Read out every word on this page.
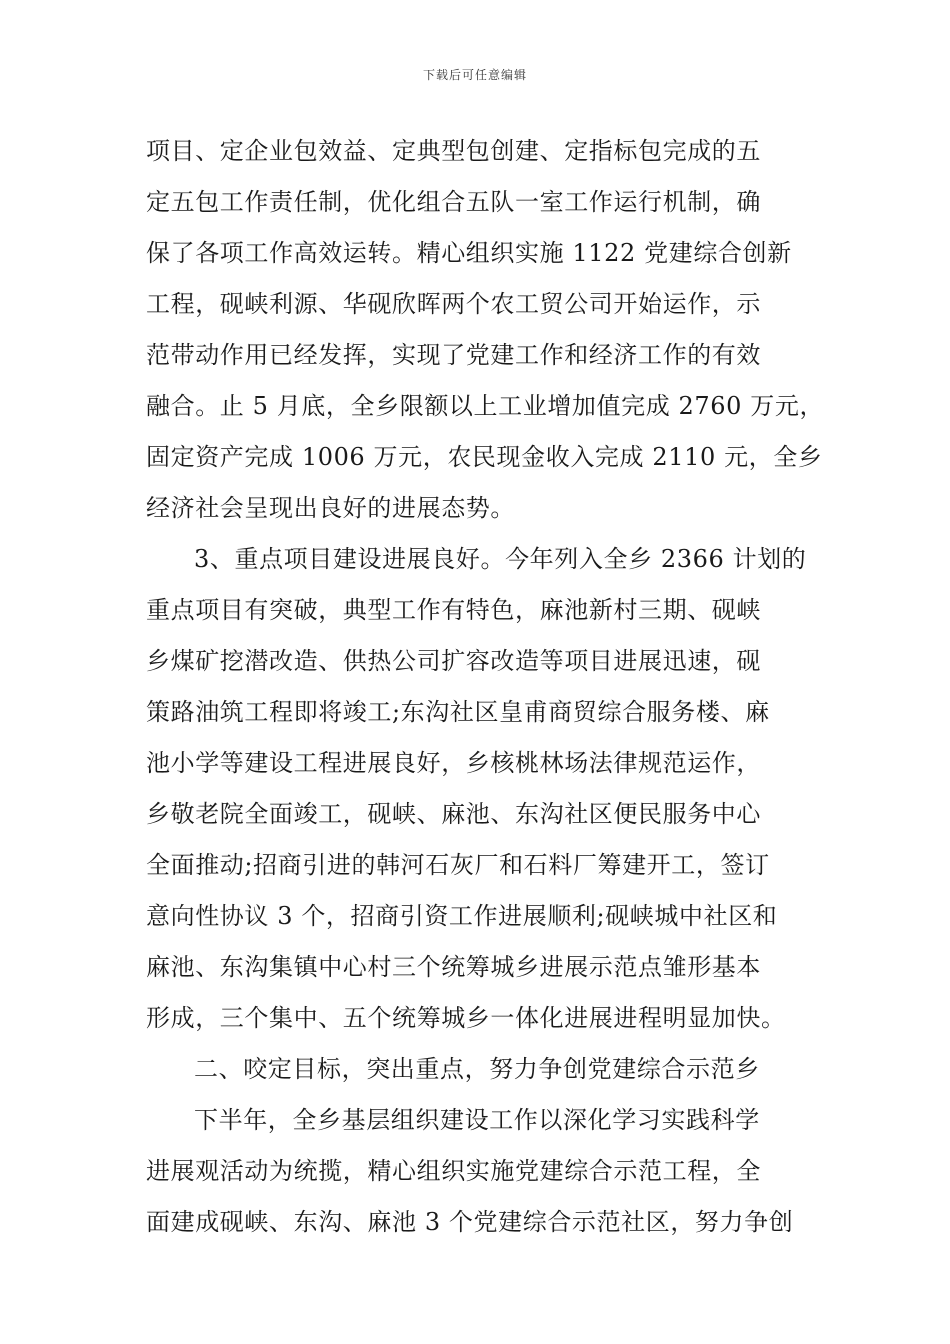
下载后可任意编辑
项目、定企业包效益、定典型包创建、定指标包完成的五
定五包工作责任制，优化组合五队一室工作运行机制，确
保了各项工作高效运转。精心组织实施 1122 党建综合创新
工程，砚峡利源、华砚欣晖两个农工贸公司开始运作，示
范带动作用已经发挥，实现了党建工作和经济工作的有效
融合。止 5 月底，全乡限额以上工业增加值完成 2760 万元，
固定资产完成 1006 万元，农民现金收入完成 2110 元，全乡
经济社会呈现出良好的进展态势。
3、重点项目建设进展良好。今年列入全乡 2366 计划的
重点项目有突破，典型工作有特色，麻池新村三期、砚峡
乡煤矿挖潜改造、供热公司扩容改造等项目进展迅速，砚
策路油筑工程即将竣工;东沟社区皇甫商贸综合服务楼、麻
池小学等建设工程进展良好，乡核桃林场法律规范运作，
乡敬老院全面竣工，砚峡、麻池、东沟社区便民服务中心
全面推动;招商引进的韩河石灰厂和石料厂筹建开工，签订
意向性协议 3 个，招商引资工作进展顺利;砚峡城中社区和
麻池、东沟集镇中心村三个统筹城乡进展示范点雏形基本
形成，三个集中、五个统筹城乡一体化进展进程明显加快。
二、咬定目标，突出重点，努力争创党建综合示范乡
下半年，全乡基层组织建设工作以深化学习实践科学
进展观活动为统揽，精心组织实施党建综合示范工程，全
面建成砚峡、东沟、麻池 3 个党建综合示范社区，努力争创
